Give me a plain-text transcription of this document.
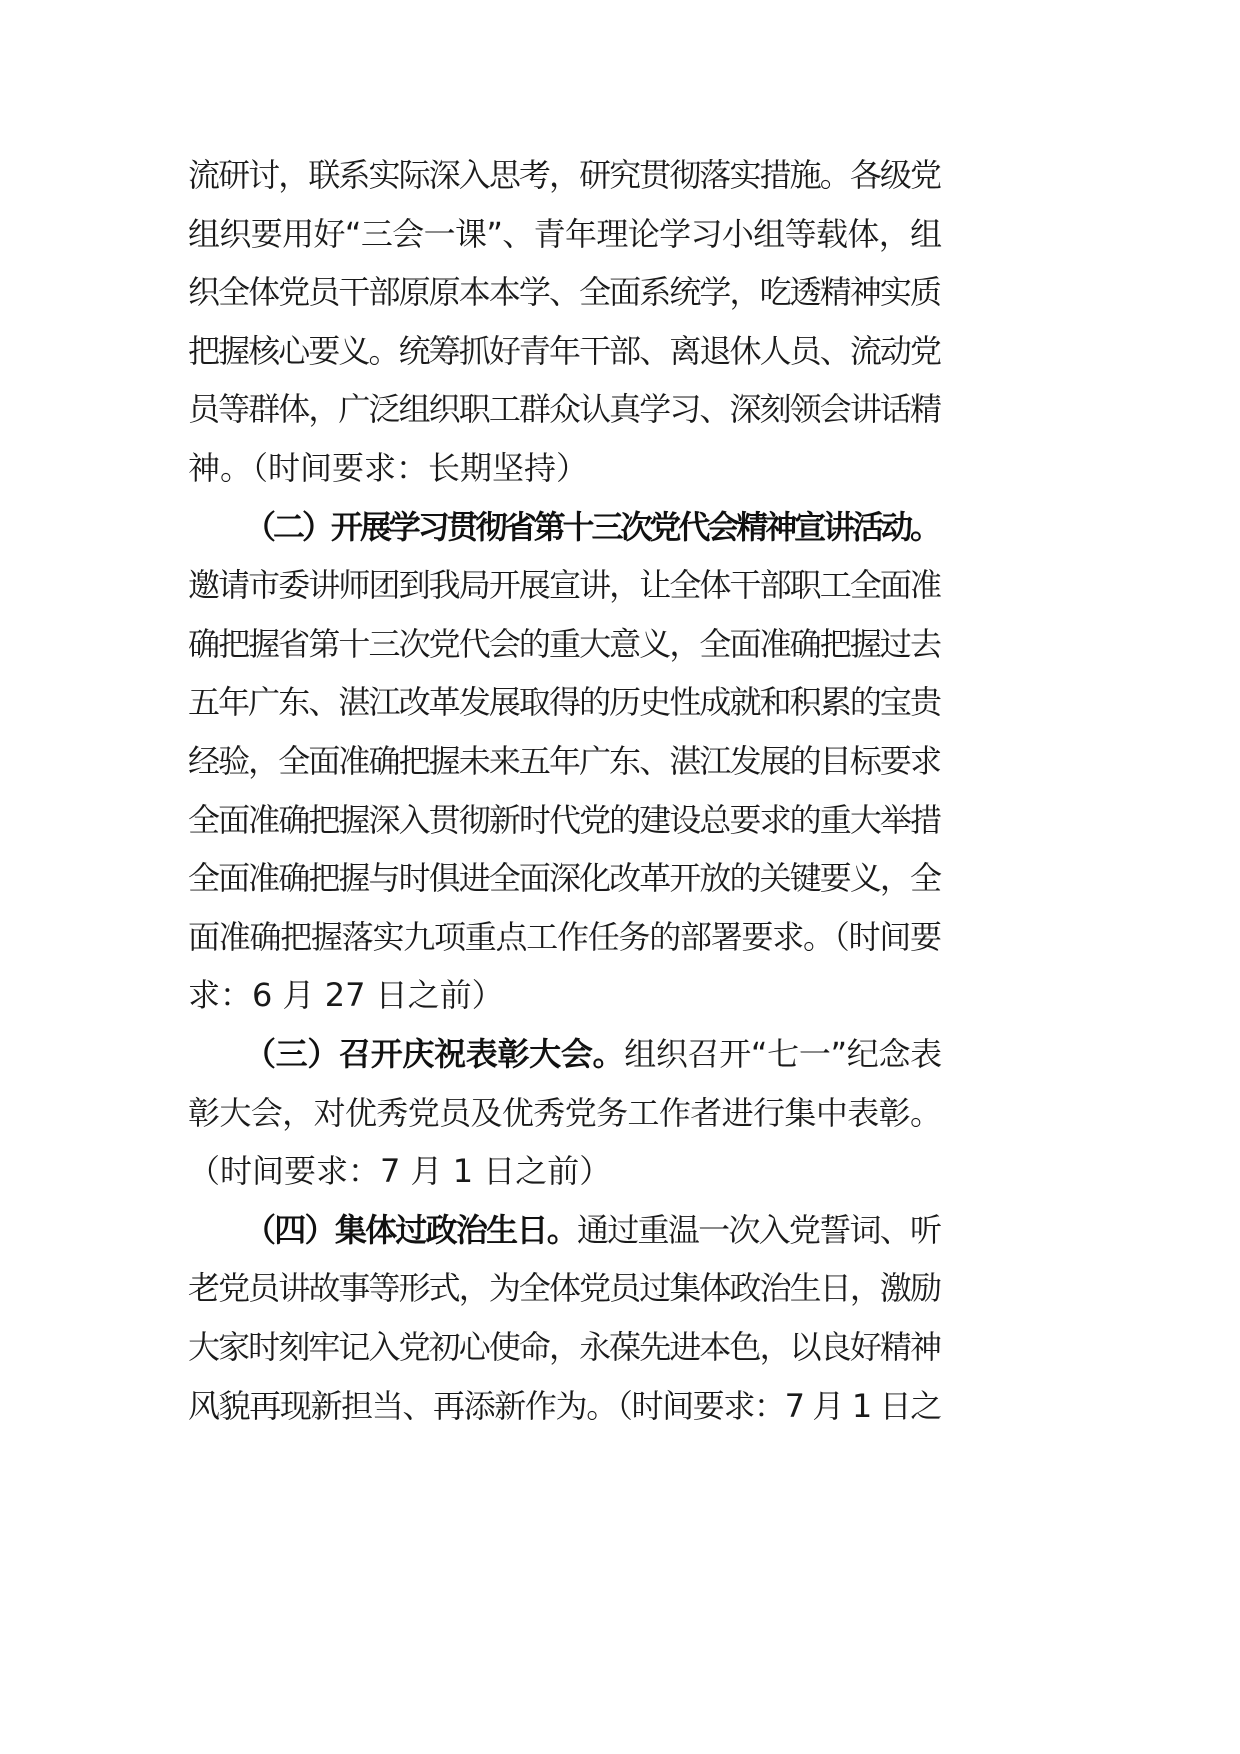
流研讨，联系实际深入思考，研究贯彻落实措施。各级党
组织要用好“三会一课”、青年理论学习小组等载体，组
织全体党员干部原原本本学、全面系统学，吃透精神实质
把握核心要义。统筹抓好青年干部、离退休人员、流动党
员等群体，广泛组织职工群众认真学习、深刻领会讲话精
神。（时间要求：长期坚持）
（二）开展学习贯彻省第十三次党代会精神宣讲活动。
邀请市委讲师团到我局开展宣讲，让全体干部职工全面准
确把握省第十三次党代会的重大意义，全面准确把握过去
五年广东、湛江改革发展取得的历史性成就和积累的宝贵
经验，全面准确把握未来五年广东、湛江发展的目标要求
全面准确把握深入贯彻新时代党的建设总要求的重大举措
全面准确把握与时俱进全面深化改革开放的关键要义，全
面准确把握落实九项重点工作任务的部署要求。（时间要
求：6 月 27 日之前）
（三）召开庆祝表彰大会。组织召开“七一”纪念表
彰大会，对优秀党员及优秀党务工作者进行集中表彰。
（时间要求：7 月 1 日之前）
（四）集体过政治生日。通过重温一次入党誓词、听
老党员讲故事等形式，为全体党员过集体政治生日，激励
大家时刻牢记入党初心使命，永葆先进本色，以良好精神
风貌再现新担当、再添新作为。（时间要求：7 月 1 日之
